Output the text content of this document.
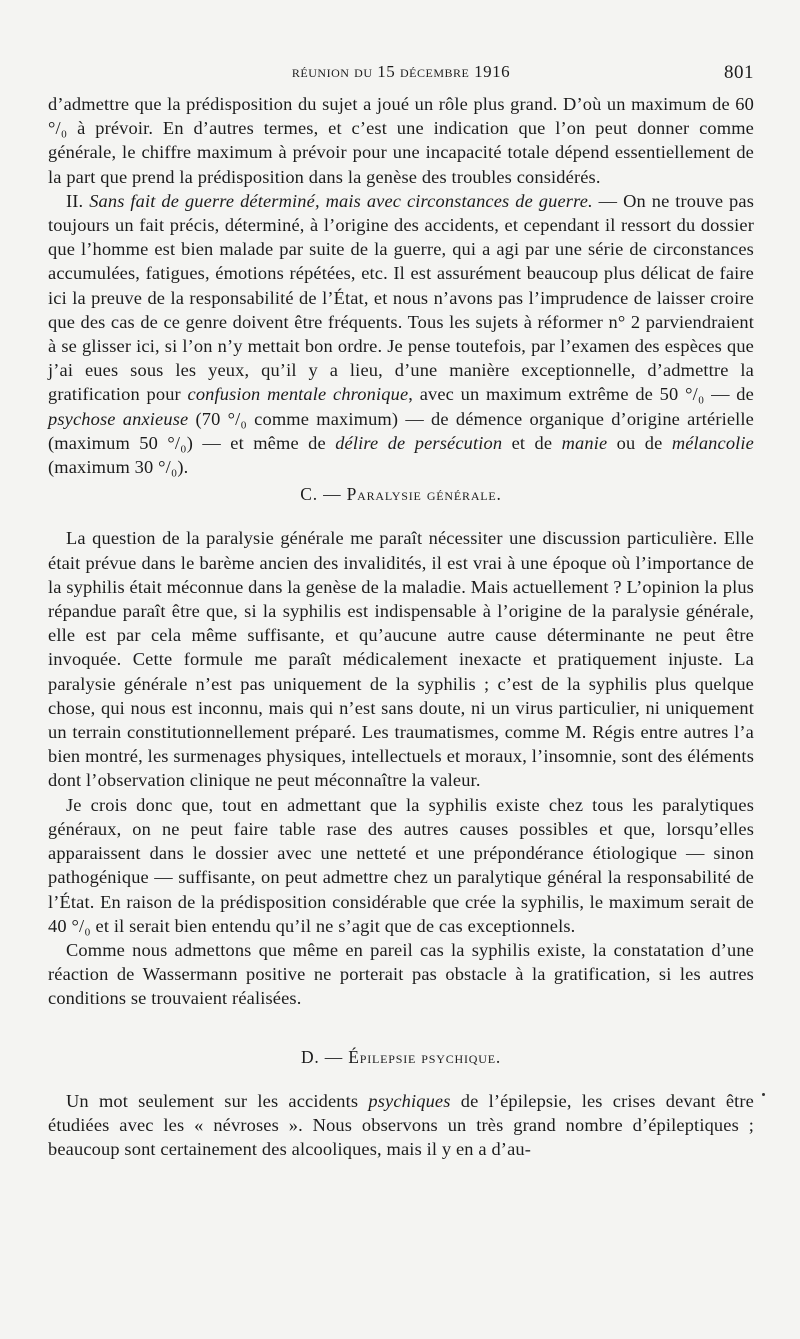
réunion du 15 décembre 1916	801

d’admettre que la prédisposition du sujet a joué un rôle plus grand. D’où un maximum de 60 °/₀ à prévoir. En d’autres termes, et c’est une indication que l’on peut donner comme générale, le chiffre maximum à prévoir pour une incapacité totale dépend essentiellement de la part que prend la prédisposition dans la genèse des troubles considérés.

II. Sans fait de guerre déterminé, mais avec circonstances de guerre. — On ne trouve pas toujours un fait précis, déterminé, à l’origine des accidents, et cependant il ressort du dossier que l’homme est bien malade par suite de la guerre, qui a agi par une série de circonstances accumulées, fatigues, émotions répétées, etc. Il est assurément beaucoup plus délicat de faire ici la preuve de la responsabilité de l’État, et nous n’avons pas l’imprudence de laisser croire que des cas de ce genre doivent être fréquents. Tous les sujets à réformer n° 2 parviendraient à se glisser ici, si l’on n’y mettait bon ordre. Je pense toutefois, par l’examen des espèces que j’ai eues sous les yeux, qu’il y a lieu, d’une manière exceptionnelle, d’admettre la gratification pour confusion mentale chronique, avec un maximum extrême de 50 °/₀ — de psychose anxieuse (70 °/₀ comme maximum) — de démence organique d’origine artérielle (maximum 50 °/₀) — et même de délire de persécution et de manie ou de mélancolie (maximum 30 °/₀).

C. — Paralysie générale.

La question de la paralysie générale me paraît nécessiter une discussion particulière. Elle était prévue dans le barème ancien des invalidités, il est vrai à une époque où l’importance de la syphilis était méconnue dans la genèse de la maladie. Mais actuellement ? L’opinion la plus répandue paraît être que, si la syphilis est indispensable à l’origine de la paralysie générale, elle est par cela même suffisante, et qu’aucune autre cause déterminante ne peut être invoquée. Cette formule me paraît médicalement inexacte et pratiquement injuste. La paralysie générale n’est pas uniquement de la syphilis ; c’est de la syphilis plus quelque chose, qui nous est inconnu, mais qui n’est sans doute, ni un virus particulier, ni uniquement un terrain constitutionnellement préparé. Les traumatismes, comme M. Régis entre autres l’a bien montré, les surmenages physiques, intellectuels et moraux, l’insomnie, sont des éléments dont l’observation clinique ne peut méconnaître la valeur.

Je crois donc que, tout en admettant que la syphilis existe chez tous les paralytiques généraux, on ne peut faire table rase des autres causes possibles et que, lorsqu’elles apparaissent dans le dossier avec une netteté et une prépondérance étiologique — sinon pathogénique — suffisante, on peut admettre chez un paralytique général la responsabilité de l’État. En raison de la prédisposition considérable que crée la syphilis, le maximum serait de 40 °/₀ et il serait bien entendu qu’il ne s’agit que de cas exceptionnels.

Comme nous admettons que même en pareil cas la syphilis existe, la constatation d’une réaction de Wassermann positive ne porterait pas obstacle à la gratification, si les autres conditions se trouvaient réalisées.

D. — Épilepsie psychique.

Un mot seulement sur les accidents psychiques de l’épilepsie, les crises devant être étudiées avec les « névroses ». Nous observons un très grand nombre d’épileptiques ; beaucoup sont certainement des alcooliques, mais il y en a d’au-
